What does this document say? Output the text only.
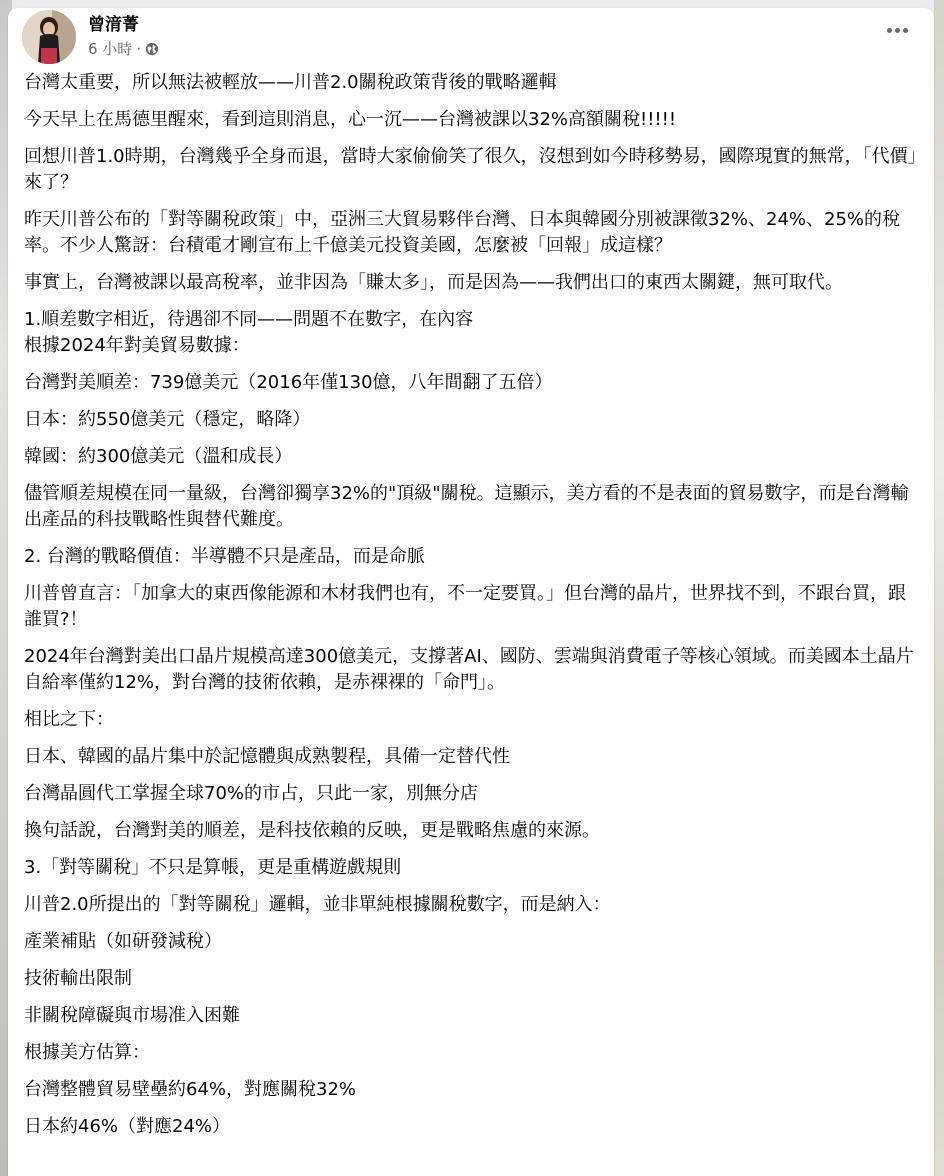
曾湇菁
6 小時 ·

台灣太重要，所以無法被輕放——川普2.0關稅政策背後的戰略邏輯

今天早上在馬德里醒來，看到這則消息，心一沉——台灣被課以32%高額關稅!!!!!

回想川普1.0時期，台灣幾乎全身而退，當時大家偷偷笑了很久，沒想到如今時移勢易，國際現實的無常，「代價」來了？

昨天川普公布的「對等關稅政策」中，亞洲三大貿易夥伴台灣、日本與韓國分別被課徵32%、24%、25%的稅率。不少人驚訝：台積電才剛宣布上千億美元投資美國，怎麼被「回報」成這樣？

事實上，台灣被課以最高稅率，並非因為「賺太多」，而是因為——我們出口的東西太關鍵，無可取代。

1.順差數字相近，待遇卻不同——問題不在數字，在內容

根據2024年對美貿易數據：

台灣對美順差：739億美元（2016年僅130億，八年間翻了五倍）

日本：約550億美元（穩定，略降）

韓國：約300億美元（溫和成長）

儘管順差規模在同一量級，台灣卻獨享32%的"頂級"關稅。這顯示，美方看的不是表面的貿易數字，而是台灣輸出產品的科技戰略性與替代難度。

2. 台灣的戰略價值：半導體不只是產品，而是命脈

川普曾直言：「加拿大的東西像能源和木材我們也有，不一定要買。」但台灣的晶片，世界找不到，不跟台買，跟誰買?！

2024年台灣對美出口晶片規模高達300億美元，支撐著AI、國防、雲端與消費電子等核心領域。而美國本土晶片自給率僅約12%，對台灣的技術依賴，是赤裸裸的「命門」。

相比之下：

日本、韓國的晶片集中於記憶體與成熟製程，具備一定替代性

台灣晶圓代工掌握全球70%的市占，只此一家，別無分店

換句話說，台灣對美的順差，是科技依賴的反映，更是戰略焦慮的來源。

3.「對等關稅」不只是算帳，更是重構遊戲規則

川普2.0所提出的「對等關稅」邏輯，並非單純根據關稅數字，而是納入：

產業補貼（如研發減稅）

技術輸出限制

非關稅障礙與市場准入困難

根據美方估算：

台灣整體貿易壁壘約64%，對應關稅32%

日本約46%（對應24%）
